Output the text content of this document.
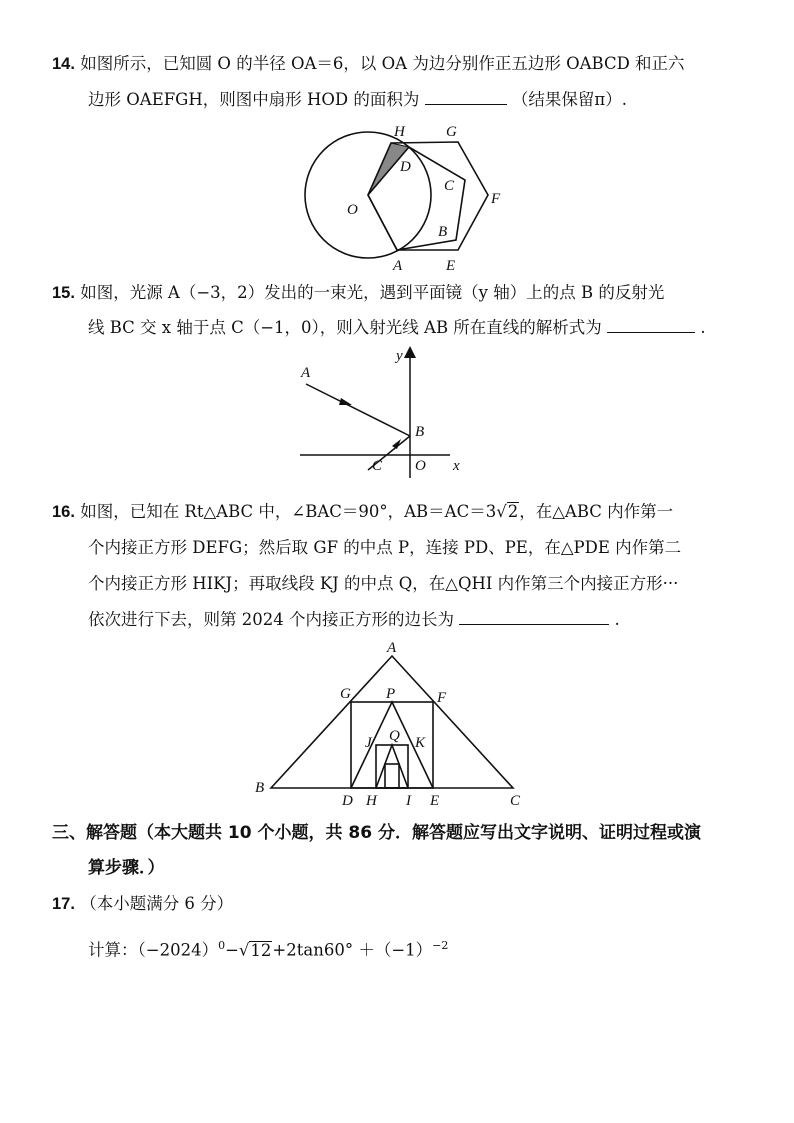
14. 如图所示，已知圆 O 的半径 OA＝6，以 OA 为边分别作正五边形 OABCD 和正六
边形 OAEFGH，则图中扇形 HOD 的面积为	（结果保留π）.
H	G
D
C
O
F
B
A	E
15. 如图，光源 A（−3，2）发出的一束光，遇到平面镜（y 轴）上的点 B 的反射光
线 BC 交 x 轴于点 C（−1，0），则入射光线 AB 所在直线的解析式为	.
y
A
B
C O x
16. 如图，已知在 Rt△ABC 中，∠BAC＝90°，AB＝AC＝3√2，在△ABC 内作第一
个内接正方形 DEFG；然后取 GF 的中点 P，连接 PD、PE，在△PDE 内作第二
个内接正方形 HIKJ；再取线段 KJ 的中点 Q，在△QHI 内作第三个内接正方形···
依次进行下去，则第 2024 个内接正方形的边长为	.
A
G P	F
J Q K
B
D H I E	C
三、解答题（本大题共 10 个小题，共 86 分．解答题应写出文字说明、证明过程或演
算步骤．）
17. （本小题满分 6 分）
计算：$(-2024)^0-√12+2\tan 60^\circ +(-1)^{-2}$
